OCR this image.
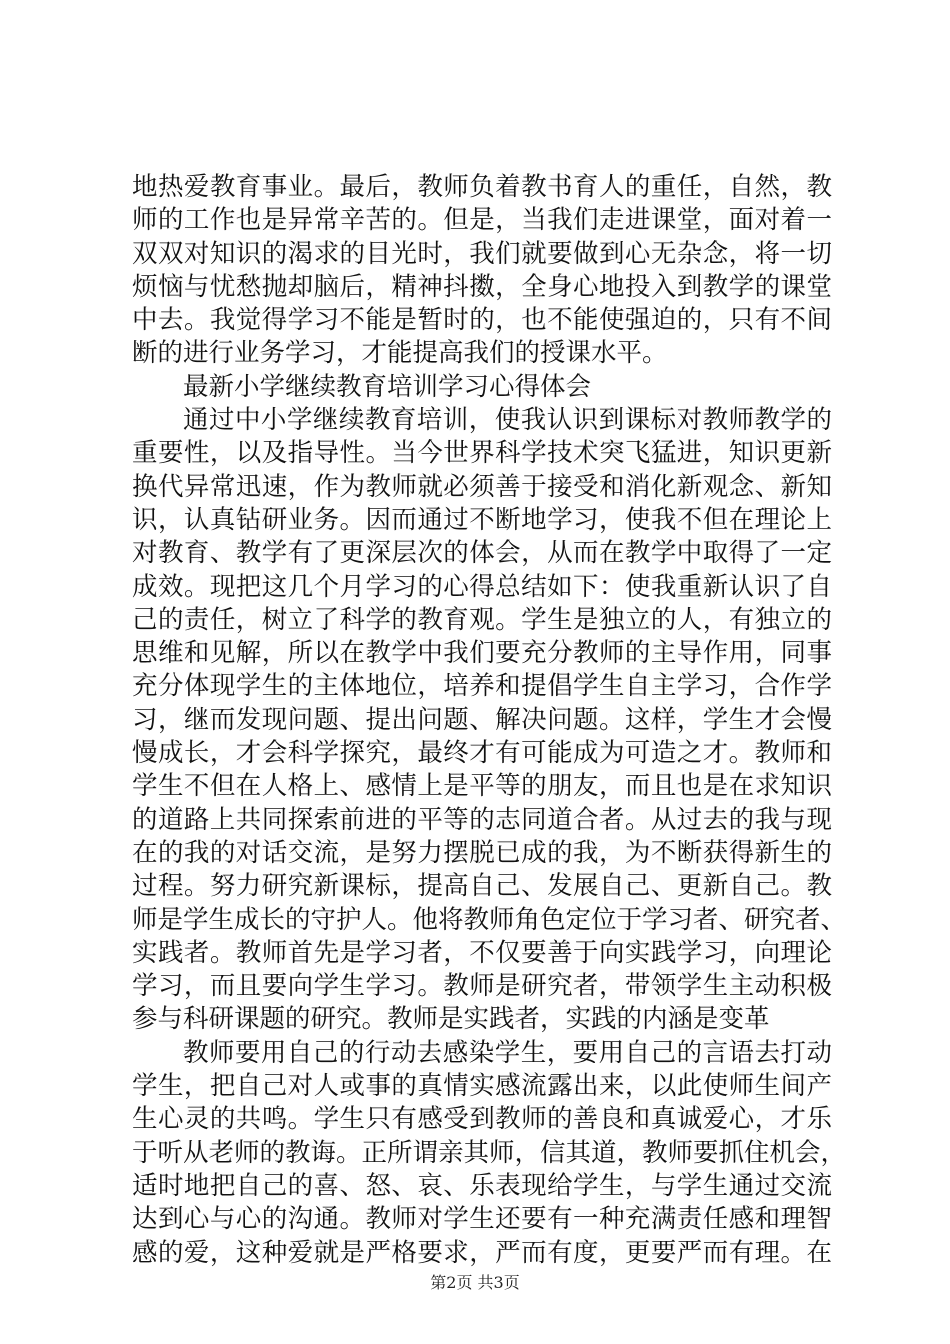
地热爱教育事业。最后，教师负着教书育人的重任，自然，教
师的工作也是异常辛苦的。但是，当我们走进课堂，面对着一
双双对知识的渴求的目光时，我们就要做到心无杂念，将一切
烦恼与忧愁抛却脑后，精神抖擞，全身心地投入到教学的课堂
中去。我觉得学习不能是暂时的，也不能使强迫的，只有不间
断的进行业务学习，才能提高我们的授课水平。
最新小学继续教育培训学习心得体会
通过中小学继续教育培训，使我认识到课标对教师教学的
重要性，以及指导性。当今世界科学技术突飞猛进，知识更新
换代异常迅速，作为教师就必须善于接受和消化新观念、新知
识，认真钻研业务。因而通过不断地学习，使我不但在理论上
对教育、教学有了更深层次的体会，从而在教学中取得了一定
成效。现把这几个月学习的心得总结如下：使我重新认识了自
己的责任，树立了科学的教育观。学生是独立的人，有独立的
思维和见解，所以在教学中我们要充分教师的主导作用，同事
充分体现学生的主体地位，培养和提倡学生自主学习，合作学
习，继而发现问题、提出问题、解决问题。这样，学生才会慢
慢成长，才会科学探究，最终才有可能成为可造之才。教师和
学生不但在人格上、感情上是平等的朋友，而且也是在求知识
的道路上共同探索前进的平等的志同道合者。从过去的我与现
在的我的对话交流，是努力摆脱已成的我，为不断获得新生的
过程。努力研究新课标，提高自己、发展自己、更新自己。教
师是学生成长的守护人。他将教师角色定位于学习者、研究者、
实践者。教师首先是学习者，不仅要善于向实践学习，向理论
学习，而且要向学生学习。教师是研究者，带领学生主动积极
参与科研课题的研究。教师是实践者，实践的内涵是变革
教师要用自己的行动去感染学生，要用自己的言语去打动
学生，把自己对人或事的真情实感流露出来，以此使师生间产
生心灵的共鸣。学生只有感受到教师的善良和真诚爱心，才乐
于听从老师的教诲。正所谓亲其师，信其道，教师要抓住机会，
适时地把自己的喜、怒、哀、乐表现给学生，与学生通过交流
达到心与心的沟通。教师对学生还要有一种充满责任感和理智
感的爱，这种爱就是严格要求，严而有度，更要严而有理。在
第2页 共3页
